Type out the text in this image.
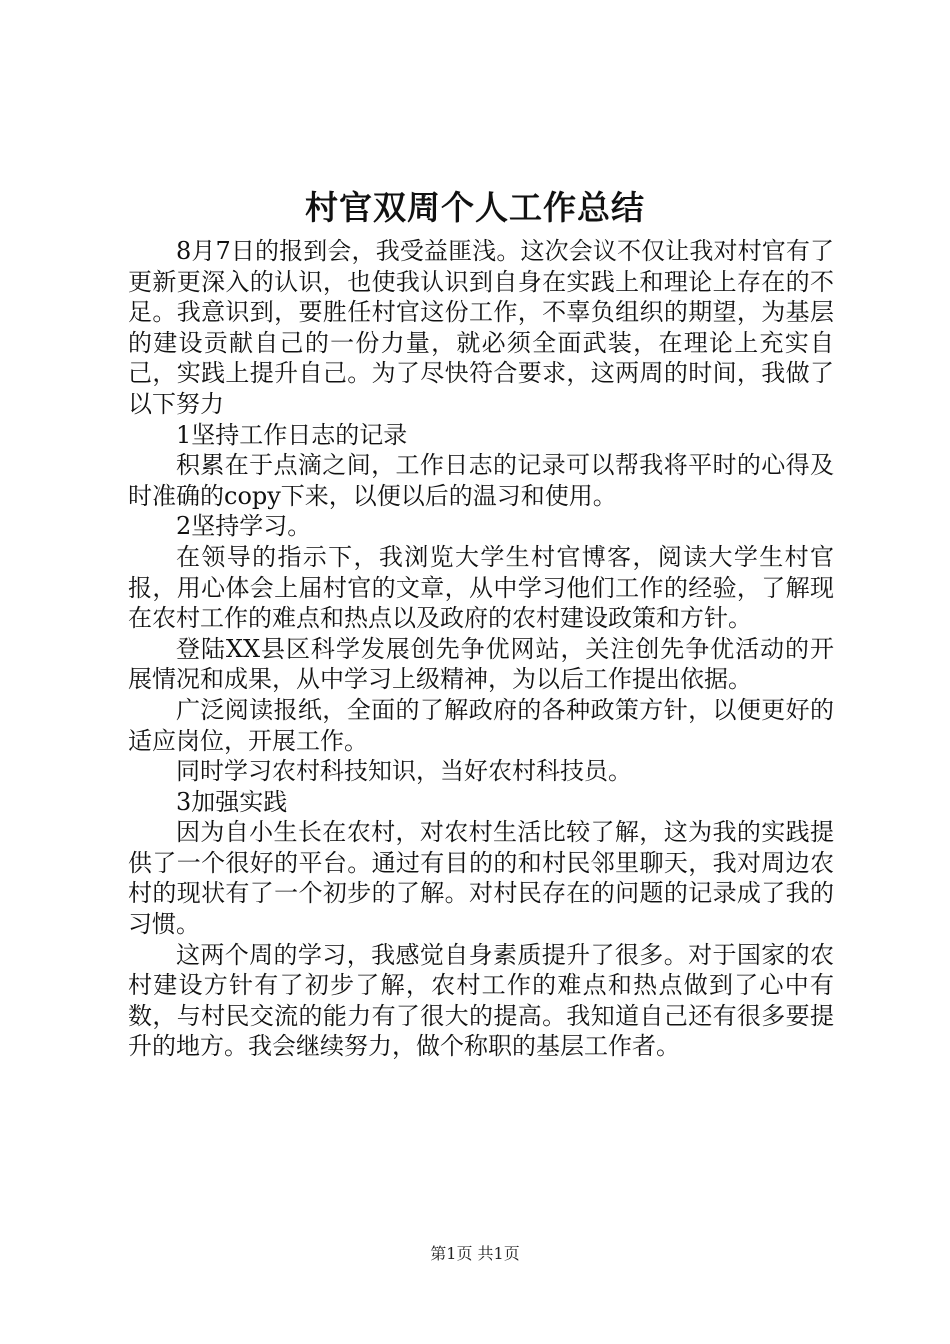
村官双周个人工作总结

8月7日的报到会，我受益匪浅。这次会议不仅让我对村官有了更新更深入的认识，也使我认识到自身在实践上和理论上存在的不足。我意识到，要胜任村官这份工作，不辜负组织的期望，为基层的建设贡献自己的一份力量，就必须全面武装，在理论上充实自己，实践上提升自己。为了尽快符合要求，这两周的时间，我做了以下努力

1坚持工作日志的记录

积累在于点滴之间，工作日志的记录可以帮我将平时的心得及时准确的copy下来，以便以后的温习和使用。

2坚持学习。

在领导的指示下，我浏览大学生村官博客，阅读大学生村官报，用心体会上届村官的文章，从中学习他们工作的经验，了解现在农村工作的难点和热点以及政府的农村建设政策和方针。

登陆XX县区科学发展创先争优网站，关注创先争优活动的开展情况和成果，从中学习上级精神，为以后工作提出依据。

广泛阅读报纸，全面的了解政府的各种政策方针，以便更好的适应岗位，开展工作。

同时学习农村科技知识，当好农村科技员。

3加强实践

因为自小生长在农村，对农村生活比较了解，这为我的实践提供了一个很好的平台。通过有目的的和村民邻里聊天，我对周边农村的现状有了一个初步的了解。对村民存在的问题的记录成了我的习惯。

这两个周的学习，我感觉自身素质提升了很多。对于国家的农村建设方针有了初步了解，农村工作的难点和热点做到了心中有数，与村民交流的能力有了很大的提高。我知道自己还有很多要提升的地方。我会继续努力，做个称职的基层工作者。

第1页 共1页
